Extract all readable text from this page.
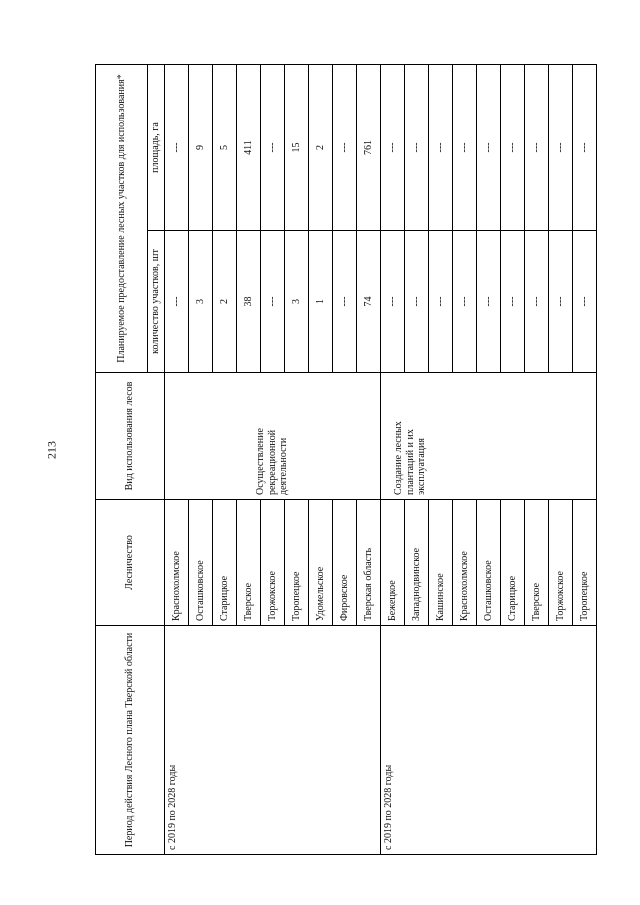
213
Период действия Лесного плана Тверской области	Лесничество	Вид использования лесов	Планируемое предоставление лесных участков для использования*	
			количество участков, шт	площадь, га
с 2019 по 2028 годы	Краснохолмское	Осуществление рекреационной деятельности	---	---
	Осташковское		3	9
	Старицкое		2	5
	Тверское		38	411
	Торжокское		---	---
	Торопецкое		3	15
	Удомельское		1	2
	Фировское		---	---
	Тверская область		74	761
с 2019 по 2028 годы	Бежецкое	Создание лесных плантаций и их эксплуатация	---	---
	Западнодвинское		---	---
	Кашинское		---	---
	Краснохолмское		---	---
	Осташковское		---	---
	Старицкое		---	---
	Тверское		---	---
	Торжокское		---	---
	Торопецкое		---	---
